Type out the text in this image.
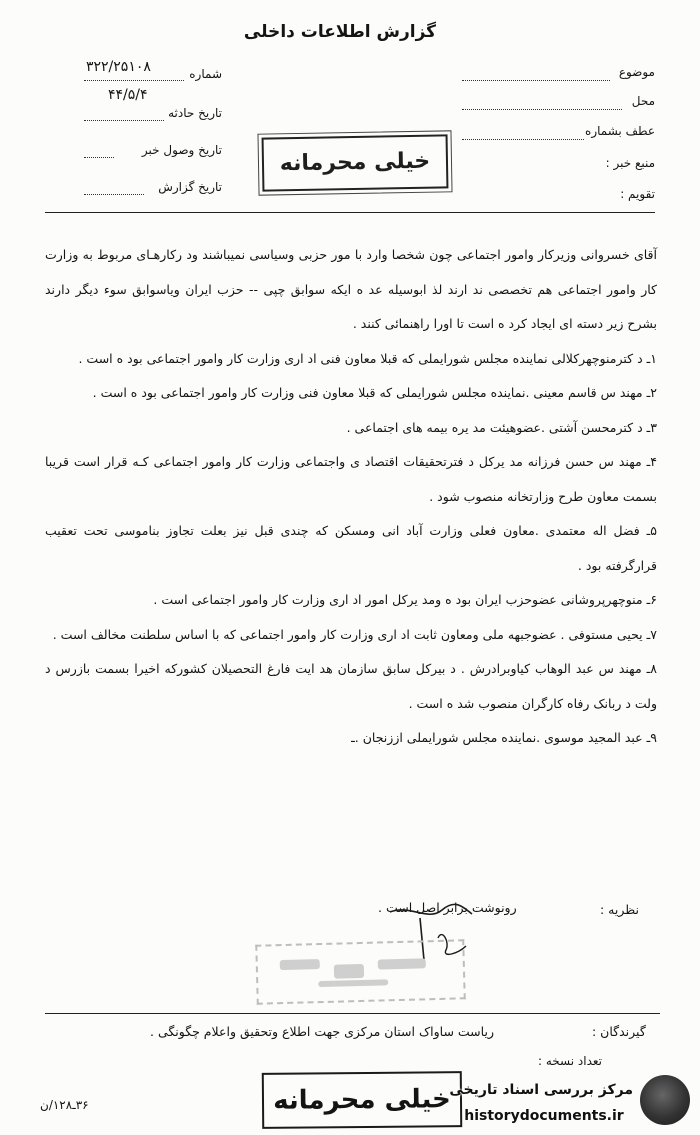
گزارش اطلاعات داخلی
موضوع
محل
عطف بشماره
منبع خبر :
تقویم :
شماره
۳۲۲/۲۵۱۰۸
۴۴/۵/۴
تاریخ حادثه
تاریخ وصول خبر
تاریخ گزارش
خیلی محرمانه

آقای خسروانی وزیرکار وامور اجتماعی چون شخصا وارد با مور حزبی وسیاسی نمیباشند ود رکارهـای مربوط به وزارت کار وامور اجتماعی هم تخصصی ند ارند لذ ابوسیله عد ه ایکه سوابق چپی -- حزب ایران ویاسوابق سوء دیگر دارند بشرح زیر دسته ای ایجاد کرد ه است تا اورا راهنمائی کنند .

۱ـ د کترمنوچهرکلالی نماینده مجلس شورایملی که قبلا معاون فنی اد اری وزارت کار وامور اجتماعی بود ه است .

۲ـ مهند س قاسم معینی .نماینده مجلس شورایملی که قبلا معاون فنی وزارت کار وامور اجتماعی بود ه است .

۳ـ د کترمحسن آشتی .عضوهیئت مد یره بیمه های اجتماعی .

۴ـ مهند س حسن فرزانه مد یرکل د فترتحقیقات اقتصاد ی واجتماعی وزارت کار وامور اجتماعی کـه قرار است قریبا بسمت معاون طرح وزارتخانه منصوب شود .

۵ـ فضل اله معتمدی .معاون فعلی وزارت آباد انی ومسکن که چندی قبل نیز بعلت تجاوز بناموسی تحت تعقیب قرارگرفته بود .

۶ـ منوچهرپروشانی عضوحزب ایران بود ه ومد یرکل امور اد اری وزارت کار وامور اجتماعی است .

۷ـ یحیی مستوفی . عضوجبهه ملی ومعاون ثابت اد اری وزارت کار وامور اجتماعی که با اساس سلطنت مخالف است .

۸ـ مهند س عبد الوهاب کیاوبرادرش . د بیرکل سابق سازمان هد ایت فارغ التحصیلان کشورکه اخیرا بسمت بازرس د ولت د ربانک رفاه کارگران منصوب شد ه است .

۹ـ عبد المجید موسوی .نماینده مجلس شورایملی اززنجان .ـ

نظریه :
رونوشت برابر اصل است .
گیرندگان :
ریاست ساواک استان مرکزی جهت اطلاع وتحقیق واعلام چگونگی .
تعداد نسخه :
خیلی محرمانه
۳۶ـ۱۲۸/ن
مرکز بررسی اسناد تاریخی
historydocuments.ir
